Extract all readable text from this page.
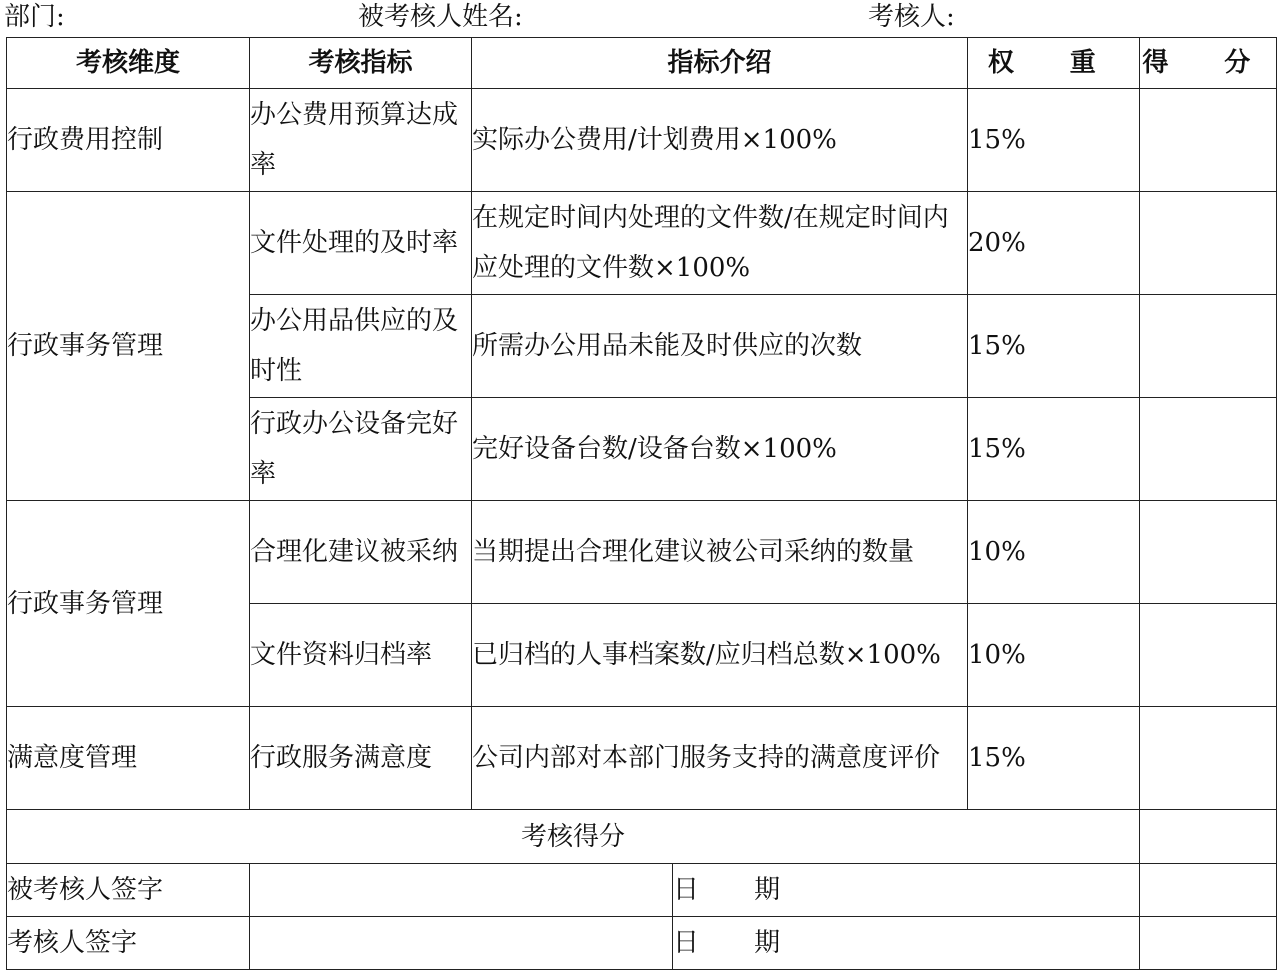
部门:	被考核人姓名:	考核人:
考核维度	考核指标	指标介绍		权 重	得 分
行政费用控制	办公费用预算达成率	实际办公费用/计划费用×100%		15%	
行政事务管理	文件处理的及时率	在规定时间内处理的文件数/在规定时间内应处理的文件数×100%		20%	
	办公用品供应的及时性	所需办公用品未能及时供应的次数		15%	
	行政办公设备完好率	完好设备台数/设备台数×100%		15%	
行政事务管理	合理化建议被采纳	当期提出合理化建议被公司采纳的数量		10%	
	文件资料归档率	已归档的人事档案数/应归档总数×100%		10%	
满意度管理	行政服务满意度	公司内部对本部门服务支持的满意度评价		15%	
考核得分					
被考核人签字			日 期		
考核人签字			日 期		
